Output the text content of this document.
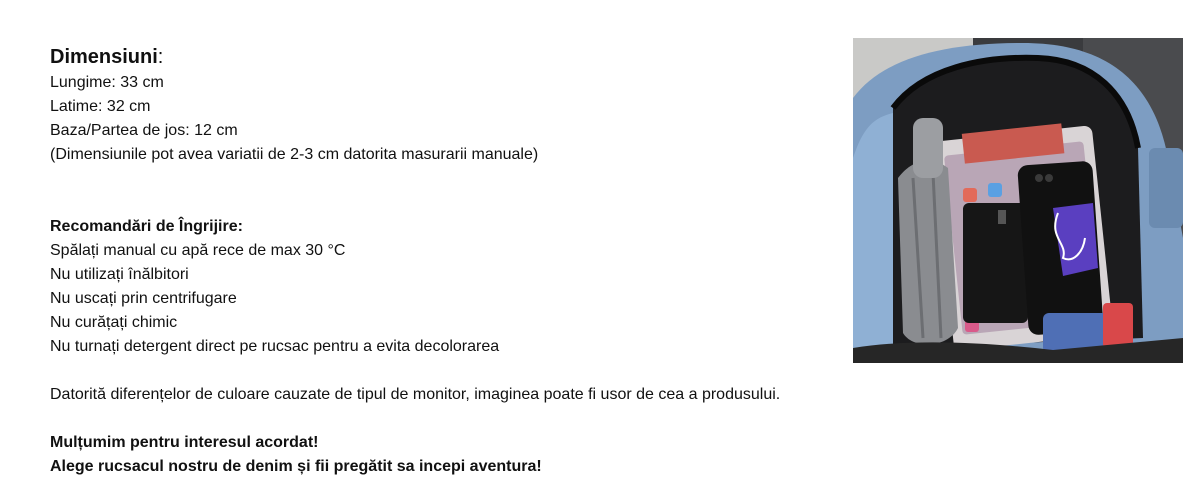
Dimensiuni:
Lungime: 33 cm
Latime: 32 cm
Baza/Partea de jos: 12 cm
(Dimensiunile pot avea variatii de 2-3 cm datorita masurarii manuale)
Recomandări de Îngrijire:
Spălați manual cu apă rece de max 30 °C
Nu utilizați înălbitori
Nu uscați prin centrifugare
Nu curățați chimic
Nu turnați detergent direct pe rucsac pentru a evita decolorarea
Datorită diferențelor de culoare cauzate de tipul de monitor, imaginea poate fi usor de cea a produsului.
Mulțumim pentru interesul acordat!
Alege rucsacul nostru de denim și fii pregătit sa incepi aventura!
